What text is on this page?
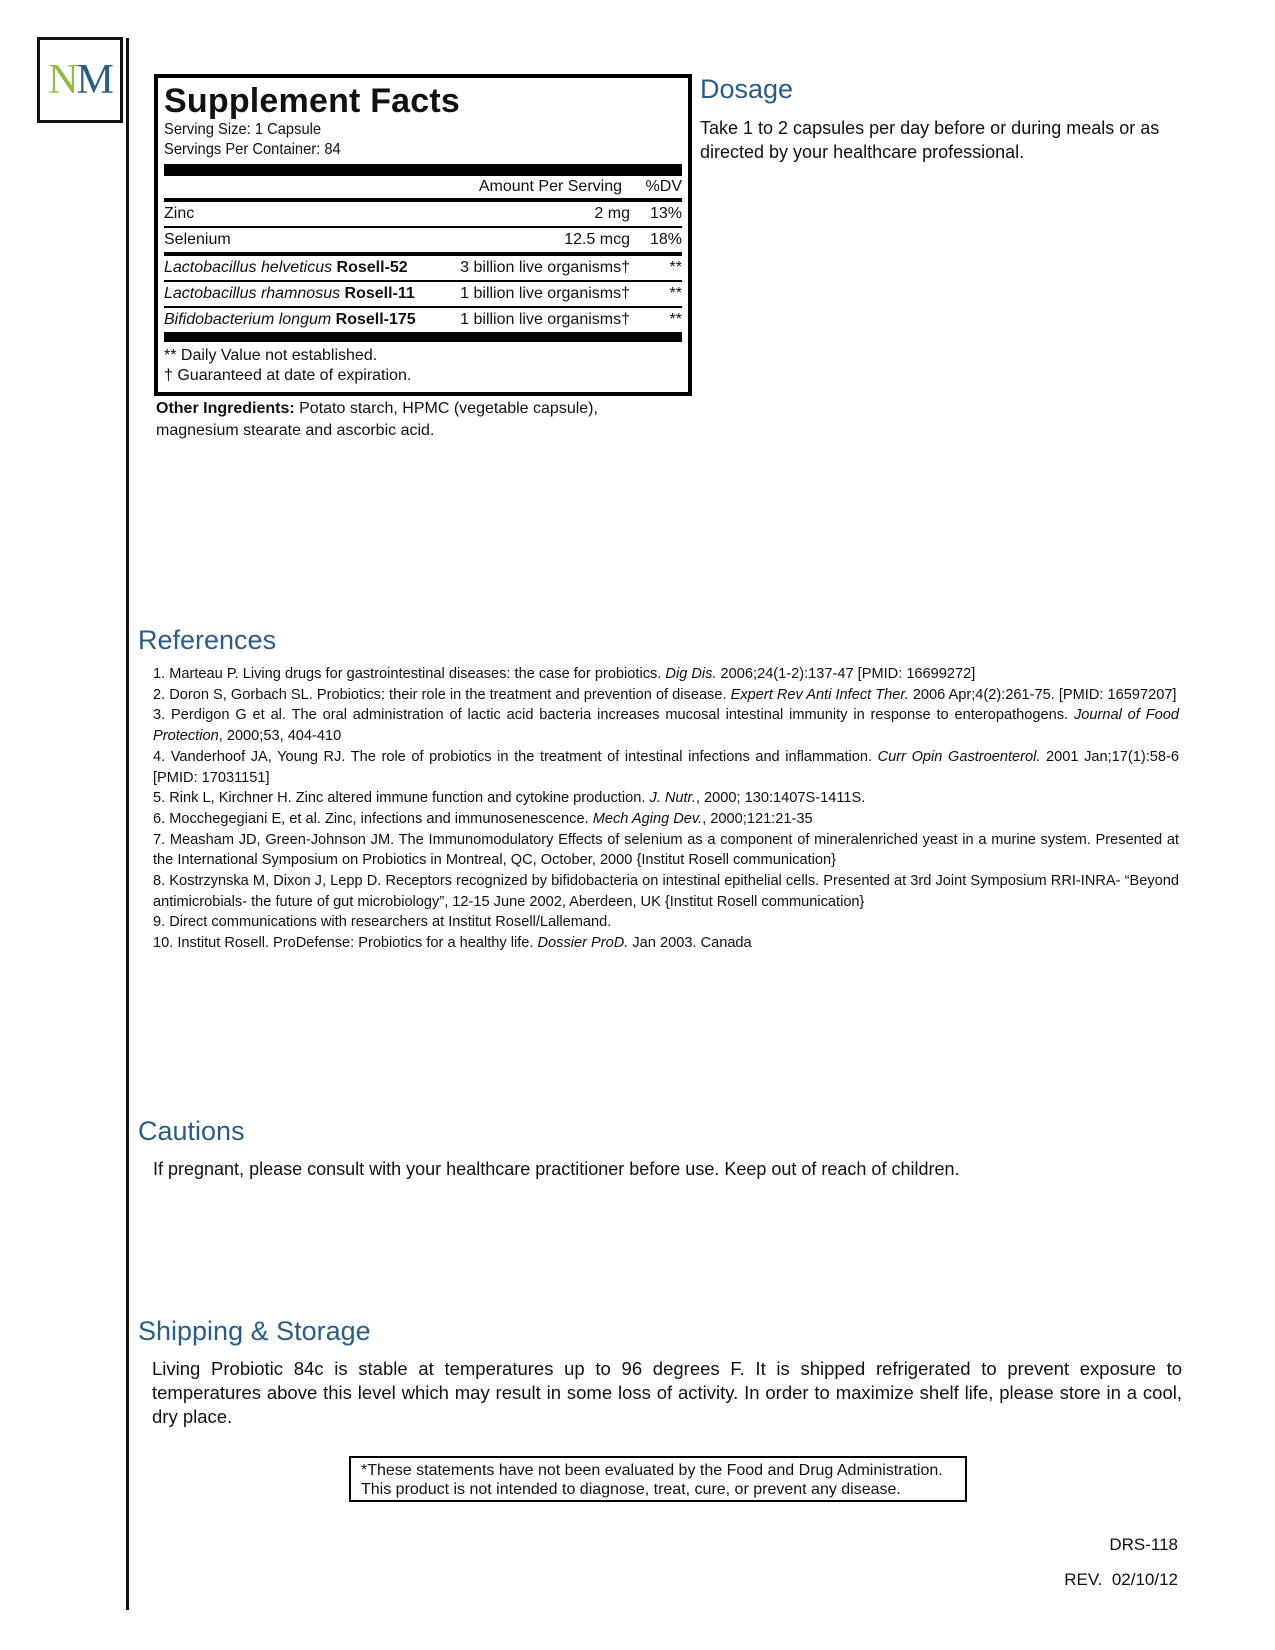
NM	Supplement Facts
Serving Size: 1 Capsule
Servings Per Container: 84
Amount Per Serving	%DV
Zinc	2 mg	13%
Selenium	12.5 mcg	18%
Lactobacillus helveticus Rosell-52	3 billion live organisms†	**
Lactobacillus rhamnosus Rosell-11	1 billion live organisms†	**
Bifidobacterium longum Rosell-175	1 billion live organisms†	**
** Daily Value not established.
† Guaranteed at date of expiration.
Other Ingredients: Potato starch, HPMC (vegetable capsule), magnesium stearate and ascorbic acid.
Dosage
Take 1 to 2 capsules per day before or during meals or as directed by your healthcare professional.
References
1. Marteau P. Living drugs for gastrointestinal diseases: the case for probiotics. Dig Dis. 2006;24(1-2):137-47 [PMID: 16699272]
2. Doron S, Gorbach SL. Probiotics: their role in the treatment and prevention of disease. Expert Rev Anti Infect Ther. 2006 Apr;4(2):261-75. [PMID: 16597207]
3. Perdigon G et al. The oral administration of lactic acid bacteria increases mucosal intestinal immunity in response to enteropathogens. Journal of Food Protection, 2000;53, 404-410
4. Vanderhoof JA, Young RJ. The role of probiotics in the treatment of intestinal infections and inflammation. Curr Opin Gastroenterol. 2001 Jan;17(1):58-6 [PMID: 17031151]
5. Rink L, Kirchner H. Zinc altered immune function and cytokine production. J. Nutr., 2000; 130:1407S-1411S.
6. Mocchegegiani E, et al. Zinc, infections and immunosenescence. Mech Aging Dev., 2000;121:21-35
7. Measham JD, Green-Johnson JM. The Immunomodulatory Effects of selenium as a component of mineralenriched yeast in a murine system. Presented at the International Symposium on Probiotics in Montreal, QC, October, 2000 {Institut Rosell communication}
8. Kostrzynska M, Dixon J, Lepp D. Receptors recognized by bifidobacteria on intestinal epithelial cells. Presented at 3rd Joint Symposium RRI-INRA- “Beyond antimicrobials- the future of gut microbiology”, 12-15 June 2002, Aberdeen, UK {Institut Rosell communication}
9. Direct communications with researchers at Institut Rosell/Lallemand.
10. Institut Rosell. ProDefense: Probiotics for a healthy life. Dossier ProD. Jan 2003. Canada
Cautions
If pregnant, please consult with your healthcare practitioner before use. Keep out of reach of children.
Shipping & Storage
Living Probiotic 84c is stable at temperatures up to 96 degrees F. It is shipped refrigerated to prevent exposure to temperatures above this level which may result in some loss of activity. In order to maximize shelf life, please store in a cool, dry place.
*These statements have not been evaluated by the Food and Drug Administration.
This product is not intended to diagnose, treat, cure, or prevent any disease.
DRS-118
REV.  02/10/12
